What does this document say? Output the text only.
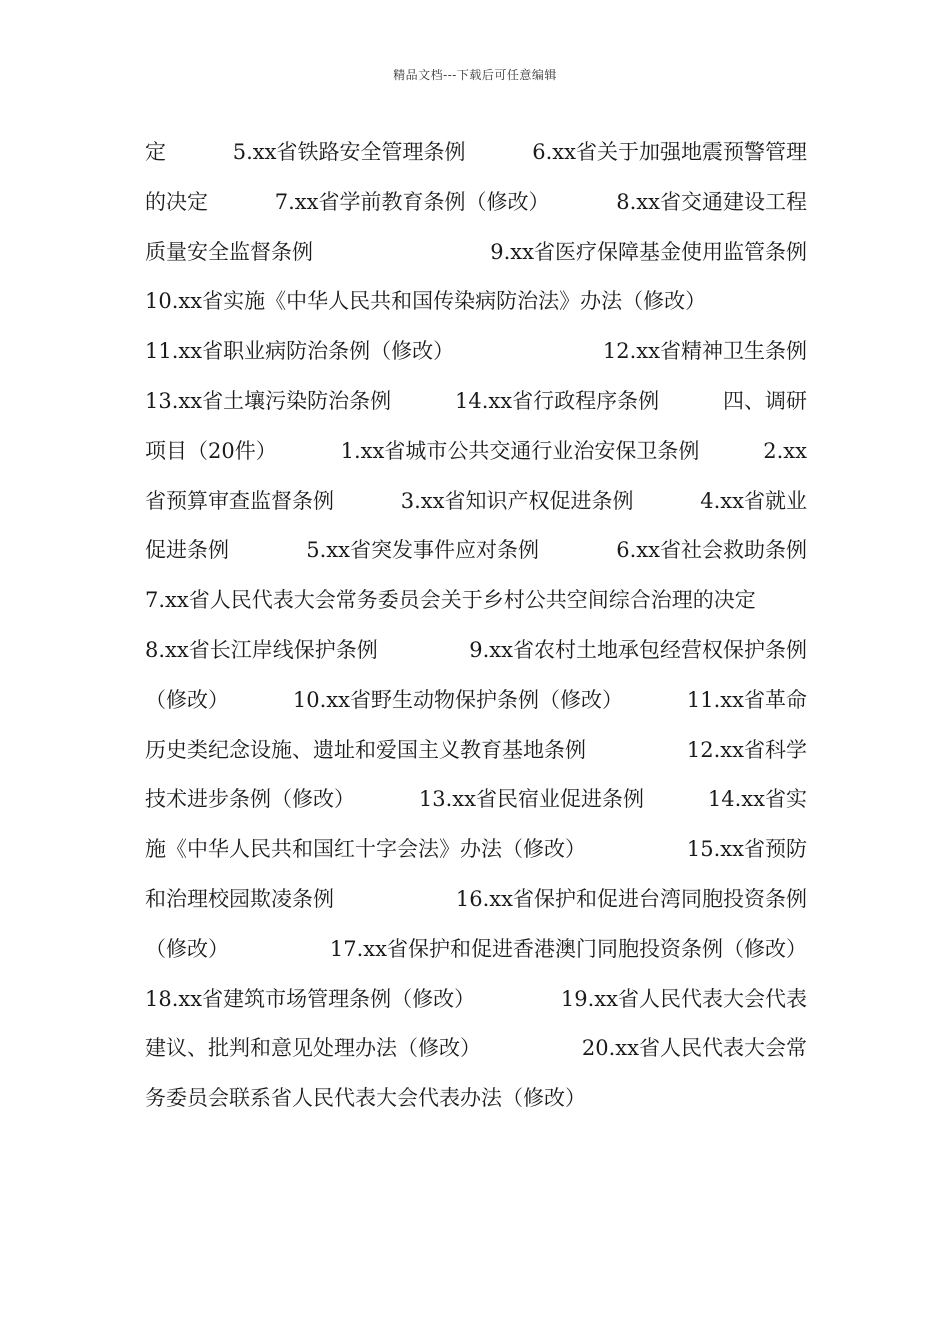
精品文档---下载后可任意编辑
定	5.xx省铁路安全管理条例	6.xx省关于加强地震预警管理
的决定	7.xx省学前教育条例（修改）	8.xx省交通建设工程
质量安全监督条例	9.xx省医疗保障基金使用监管条例
10.xx省实施《中华人民共和国传染病防治法》办法（修改）
11.xx省职业病防治条例（修改）	12.xx省精神卫生条例
13.xx省土壤污染防治条例	14.xx省行政程序条例	四、调研
项目（20件）	1.xx省城市公共交通行业治安保卫条例	2.xx
省预算审查监督条例	3.xx省知识产权促进条例	4.xx省就业
促进条例	5.xx省突发事件应对条例	6.xx省社会救助条例
7.xx省人民代表大会常务委员会关于乡村公共空间综合治理的决定
8.xx省长江岸线保护条例	9.xx省农村土地承包经营权保护条例
（修改）	10.xx省野生动物保护条例（修改）	11.xx省革命
历史类纪念设施、遗址和爱国主义教育基地条例	12.xx省科学
技术进步条例（修改）	13.xx省民宿业促进条例	14.xx省实
施《中华人民共和国红十字会法》办法（修改）	15.xx省预防
和治理校园欺凌条例	16.xx省保护和促进台湾同胞投资条例
（修改）	17.xx省保护和促进香港澳门同胞投资条例（修改）
18.xx省建筑市场管理条例（修改）	19.xx省人民代表大会代表
建议、批判和意见处理办法（修改）	20.xx省人民代表大会常
务委员会联系省人民代表大会代表办法（修改）
